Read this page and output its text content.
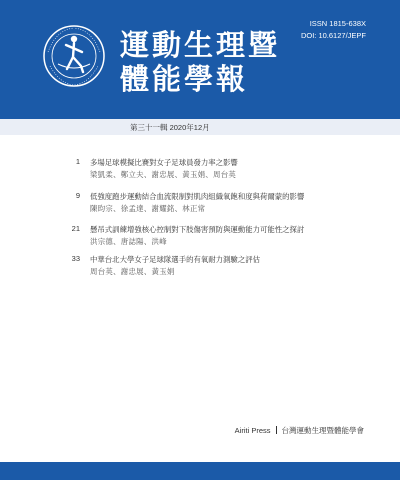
運動生理暨
體能學報
ISSN 1815-638X
DOI: 10.6127/JEPF
第三十一輯 2020年12月
1 多場足球模擬比賽對女子足球員發力率之影響
梁凱柔、鄭立夫、謝忠展、黃玉娟、周台英
9 低強度跑步運動結合血流限制對肌肉組織氧飽和度與荷爾蒙的影響
陳昀宗、徐孟達、謝耀銘、林正常
21 懸吊式訓練增強核心控制對下肢傷害預防與運動能力可能性之探討
洪宗德、唐誌陽、洪峰
33 中華台北大學女子足球隊選手的有氧耐力測驗之評估
周台英、謝忠展、黃玉娟
Airiti Press 台灣運動生理暨體能學會
